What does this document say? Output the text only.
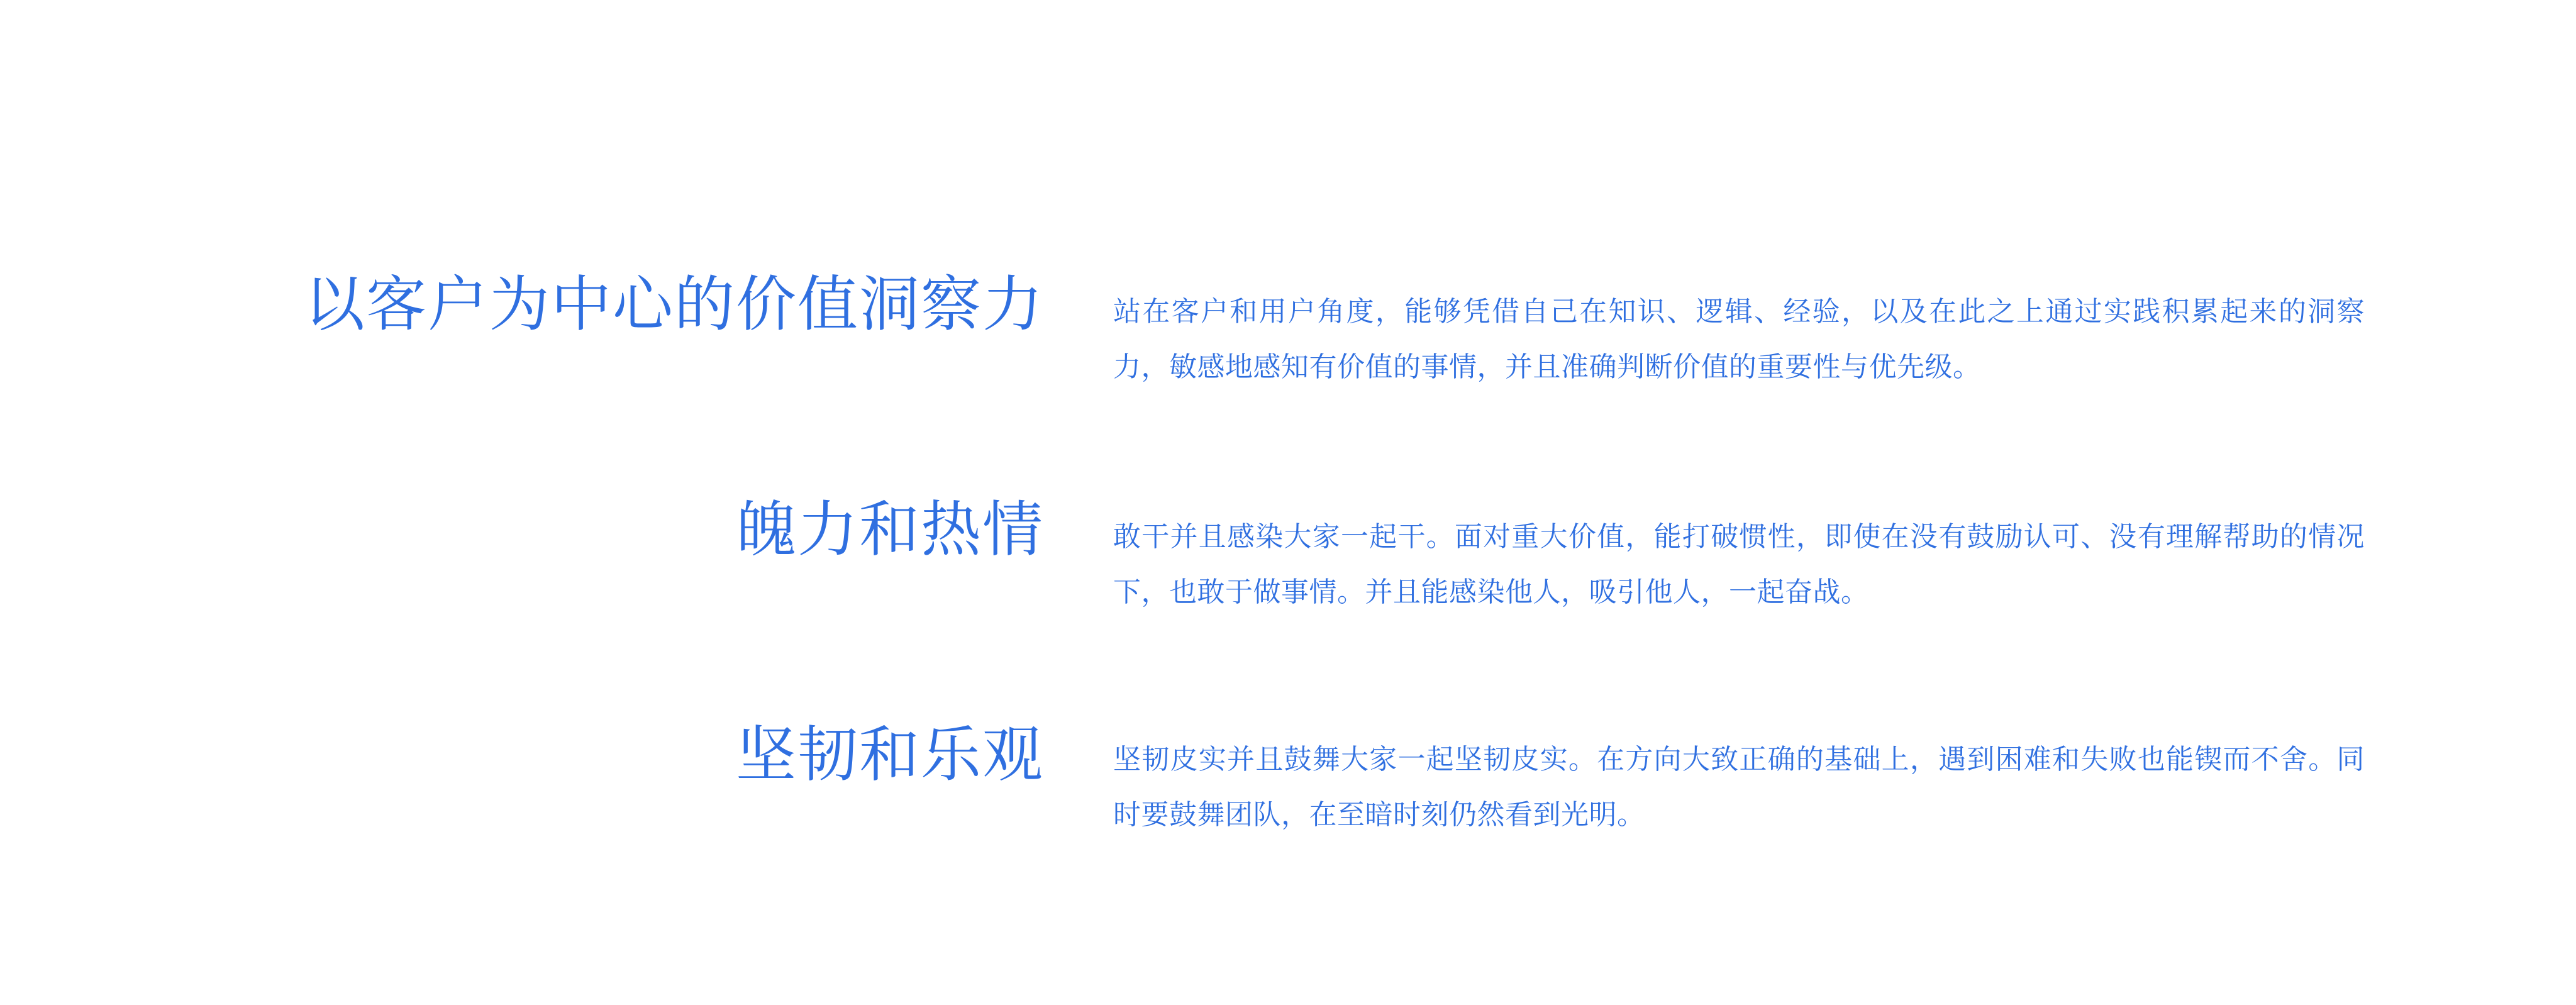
以客户为中心的价值洞察力	站在客户和用户角度，能够凭借自己在知识、逻辑、经验，以及在此之上通过实践积累起来的洞察力，敏感地感知有价值的事情，并且准确判断价值的重要性与优先级。
魄力和热情	敢干并且感染大家一起干。面对重大价值，能打破惯性，即使在没有鼓励认可、没有理解帮助的情况下，也敢于做事情。并且能感染他人，吸引他人，一起奋战。
坚韧和乐观	坚韧皮实并且鼓舞大家一起坚韧皮实。在方向大致正确的基础上，遇到困难和失败也能锲而不舍。同时要鼓舞团队，在至暗时刻仍然看到光明。
